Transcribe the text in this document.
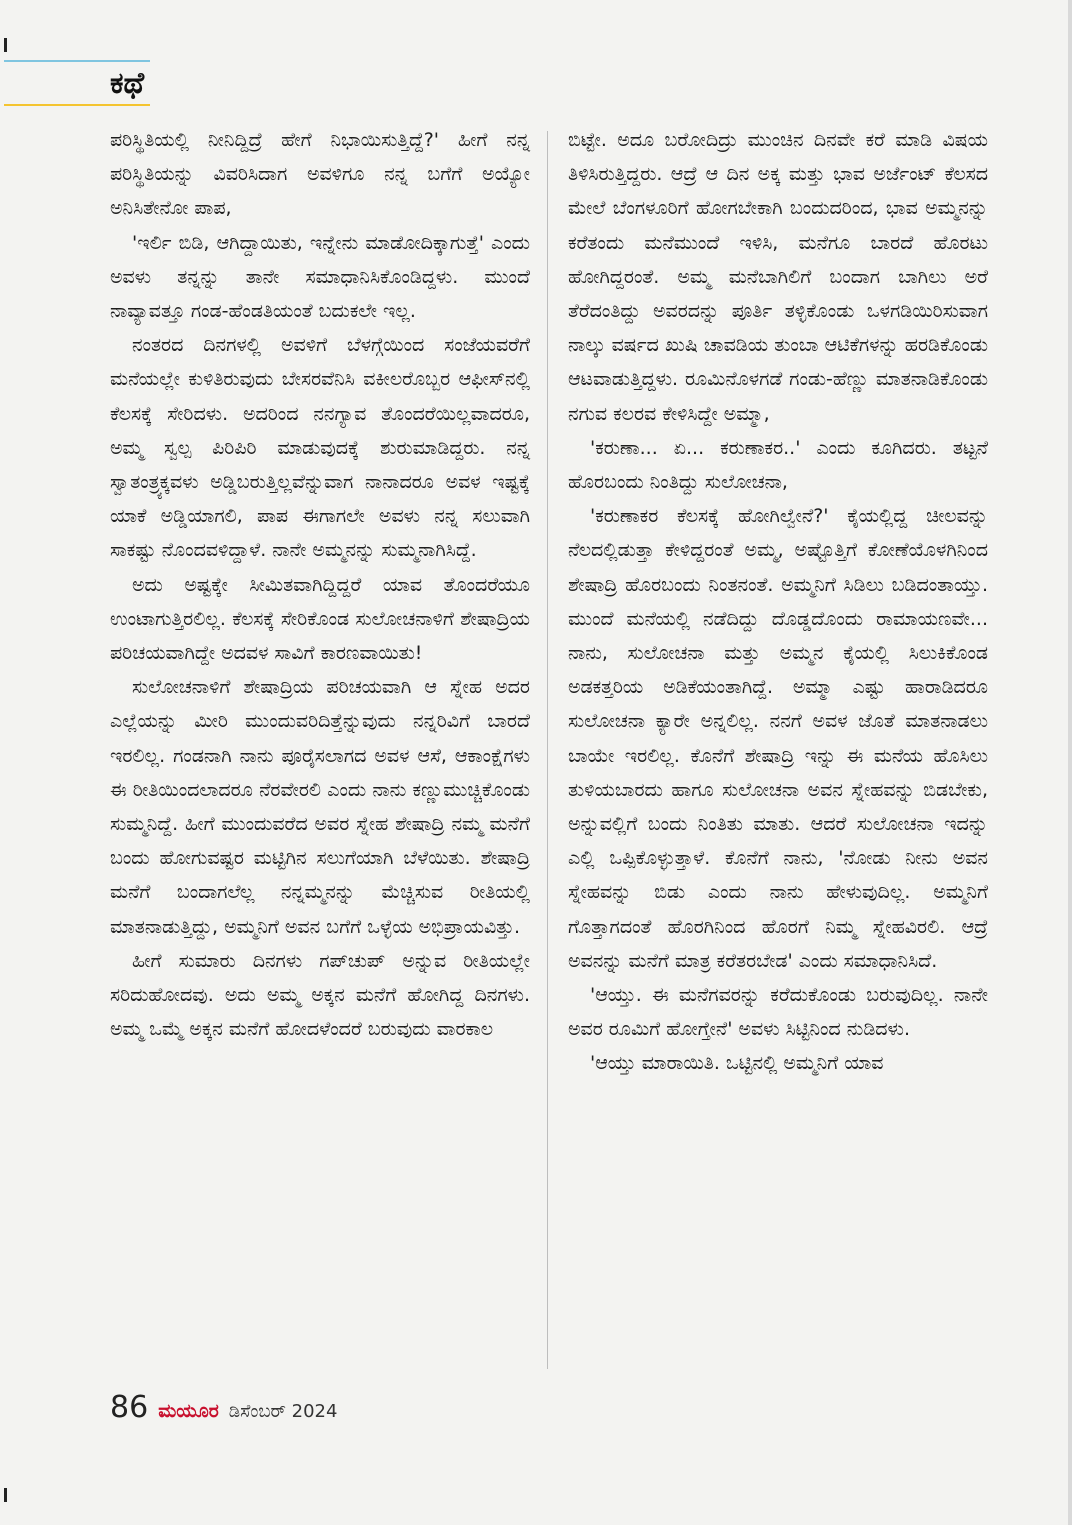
ಕಥೆ

ಪರಿಸ್ಥಿತಿಯಲ್ಲಿ ನೀನಿದ್ದಿದ್ರೆ ಹೇಗೆ ನಿಭಾಯಿಸುತ್ತಿದ್ದೆ?' ಹೀಗೆ ನನ್ನ ಪರಿಸ್ಥಿತಿಯನ್ನು ವಿವರಿಸಿದಾಗ ಅವಳಿಗೂ ನನ್ನ ಬಗೆಗೆ ಅಯ್ಯೋ ಅನಿಸಿತೇನೋ ಪಾಪ,

'ಇರ್ಲಿ ಬಿಡಿ, ಆಗಿದ್ದಾಯಿತು, ಇನ್ನೇನು ಮಾಡೋದಿಕ್ಕಾಗುತ್ತೆ' ಎಂದು ಅವಳು ತನ್ನನ್ನು ತಾನೇ ಸಮಾಧಾನಿಸಿಕೊಂಡಿದ್ದಳು. ಮುಂದೆ ನಾವ್ಯಾವತ್ತೂ ಗಂಡ-ಹೆಂಡತಿಯಂತೆ ಬದುಕಲೇ ಇಲ್ಲ.

ನಂತರದ ದಿನಗಳಲ್ಲಿ ಅವಳಿಗೆ ಬೆಳಗ್ಗೆಯಿಂದ ಸಂಜೆಯವರೆಗೆ ಮನೆಯಲ್ಲೇ ಕುಳಿತಿರುವುದು ಬೇಸರವೆನಿಸಿ ವಕೀಲರೊಬ್ಬರ ಆಫೀಸ್‌ನಲ್ಲಿ ಕೆಲಸಕ್ಕೆ ಸೇರಿದಳು. ಅದರಿಂದ ನನಗ್ಯಾವ ತೊಂದರೆಯಿಲ್ಲವಾದರೂ, ಅಮ್ಮ ಸ್ವಲ್ಪ ಪಿರಿಪಿರಿ ಮಾಡುವುದಕ್ಕೆ ಶುರುಮಾಡಿದ್ದರು. ನನ್ನ ಸ್ವಾತಂತ್ರ್ಯಕ್ಕವಳು ಅಡ್ಡಿಬರುತ್ತಿಲ್ಲವೆನ್ನುವಾಗ ನಾನಾದರೂ ಅವಳ ಇಷ್ಟಕ್ಕೆ ಯಾಕೆ ಅಡ್ಡಿಯಾಗಲಿ, ಪಾಪ ಈಗಾಗಲೇ ಅವಳು ನನ್ನ ಸಲುವಾಗಿ ಸಾಕಷ್ಟು ನೊಂದವಳಿದ್ದಾಳೆ. ನಾನೇ ಅಮ್ಮನನ್ನು ಸುಮ್ಮನಾಗಿಸಿದ್ದೆ.

ಅದು ಅಷ್ಟಕ್ಕೇ ಸೀಮಿತವಾಗಿದ್ದಿದ್ದರೆ ಯಾವ ತೊಂದರೆಯೂ ಉಂಟಾಗುತ್ತಿರಲಿಲ್ಲ. ಕೆಲಸಕ್ಕೆ ಸೇರಿಕೊಂಡ ಸುಲೋಚನಾಳಿಗೆ ಶೇಷಾದ್ರಿಯ ಪರಿಚಯವಾಗಿದ್ದೇ ಅದವಳ ಸಾವಿಗೆ ಕಾರಣವಾಯಿತು!

ಸುಲೋಚನಾಳಿಗೆ ಶೇಷಾದ್ರಿಯ ಪರಿಚಯವಾಗಿ ಆ ಸ್ನೇಹ ಅದರ ಎಲ್ಲೆಯನ್ನು ಮೀರಿ ಮುಂದುವರಿದಿತ್ತೆನ್ನುವುದು ನನ್ನರಿವಿಗೆ ಬಾರದೆ ಇರಲಿಲ್ಲ. ಗಂಡನಾಗಿ ನಾನು ಪೂರೈಸಲಾಗದ ಅವಳ ಆಸೆ, ಆಕಾಂಕ್ಷೆಗಳು ಈ ರೀತಿಯಿಂದಲಾದರೂ ನೆರವೇರಲಿ ಎಂದು ನಾನು ಕಣ್ಣುಮುಚ್ಚಿಕೊಂಡು ಸುಮ್ಮನಿದ್ದೆ. ಹೀಗೆ ಮುಂದುವರೆದ ಅವರ ಸ್ನೇಹ ಶೇಷಾದ್ರಿ ನಮ್ಮ ಮನೆಗೆ ಬಂದು ಹೋಗುವಷ್ಟರ ಮಟ್ಟಿಗಿನ ಸಲುಗೆಯಾಗಿ ಬೆಳೆಯಿತು. ಶೇಷಾದ್ರಿ ಮನೆಗೆ ಬಂದಾಗಲೆಲ್ಲ ನನ್ನಮ್ಮನನ್ನು ಮೆಚ್ಚಿಸುವ ರೀತಿಯಲ್ಲಿ ಮಾತನಾಡುತ್ತಿದ್ದು, ಅಮ್ಮನಿಗೆ ಅವನ ಬಗೆಗೆ ಒಳ್ಳೆಯ ಅಭಿಪ್ರಾಯವಿತ್ತು.

ಹೀಗೆ ಸುಮಾರು ದಿನಗಳು ಗಪ್‌ಚುಪ್ ಅನ್ನುವ ರೀತಿಯಲ್ಲೇ ಸರಿದುಹೋದವು. ಅದು ಅಮ್ಮ ಅಕ್ಕನ ಮನೆಗೆ ಹೋಗಿದ್ದ ದಿನಗಳು. ಅಮ್ಮ ಒಮ್ಮೆ ಅಕ್ಕನ ಮನೆಗೆ ಹೋದಳೆಂದರೆ ಬರುವುದು ವಾರಕಾಲ

ಬಿಟ್ಟೇ. ಅದೂ ಬರೋದಿದ್ರು ಮುಂಚಿನ ದಿನವೇ ಕರೆ ಮಾಡಿ ವಿಷಯ ತಿಳಿಸಿರುತ್ತಿದ್ದರು. ಆದ್ರೆ ಆ ದಿನ ಅಕ್ಕ ಮತ್ತು ಭಾವ ಅರ್ಜೆಂಟ್ ಕೆಲಸದ ಮೇಲೆ ಬೆಂಗಳೂರಿಗೆ ಹೋಗಬೇಕಾಗಿ ಬಂದುದರಿಂದ, ಭಾವ ಅಮ್ಮನನ್ನು ಕರೆತಂದು ಮನೆಮುಂದೆ ಇಳಿಸಿ, ಮನೆಗೂ ಬಾರದೆ ಹೊರಟು ಹೋಗಿದ್ದರಂತೆ. ಅಮ್ಮ ಮನೆಬಾಗಿಲಿಗೆ ಬಂದಾಗ ಬಾಗಿಲು ಅರೆ ತೆರೆದಂತಿದ್ದು ಅವರದನ್ನು ಪೂರ್ತಿ ತಳ್ಳಿಕೊಂಡು ಒಳಗಡಿಯಿರಿಸುವಾಗ ನಾಲ್ಕು ವರ್ಷದ ಖುಷಿ ಚಾವಡಿಯ ತುಂಬಾ ಆಟಿಕೆಗಳನ್ನು ಹರಡಿಕೊಂಡು ಆಟವಾಡುತ್ತಿದ್ದಳು. ರೂಮಿನೊಳಗಡೆ ಗಂಡು-ಹೆಣ್ಣು ಮಾತನಾಡಿಕೊಂಡು ನಗುವ ಕಲರವ ಕೇಳಿಸಿದ್ದೇ ಅಮ್ಮಾ,

'ಕರುಣಾ... ಏ... ಕರುಣಾಕರ..' ಎಂದು ಕೂಗಿದರು. ತಟ್ಟನೆ ಹೊರಬಂದು ನಿಂತಿದ್ದು ಸುಲೋಚನಾ,

'ಕರುಣಾಕರ ಕೆಲಸಕ್ಕೆ ಹೋಗಿಲ್ವೇನೆ?' ಕೈಯಲ್ಲಿದ್ದ ಚೀಲವನ್ನು ನೆಲದಲ್ಲಿಡುತ್ತಾ ಕೇಳಿದ್ದರಂತೆ ಅಮ್ಮ, ಅಷ್ಟೊತ್ತಿಗೆ ಕೋಣೆಯೊಳಗಿನಿಂದ ಶೇಷಾದ್ರಿ ಹೊರಬಂದು ನಿಂತನಂತೆ. ಅಮ್ಮನಿಗೆ ಸಿಡಿಲು ಬಡಿದಂತಾಯ್ತು. ಮುಂದೆ ಮನೆಯಲ್ಲಿ ನಡೆದಿದ್ದು ದೊಡ್ಡದೊಂದು ರಾಮಾಯಣವೇ... ನಾನು, ಸುಲೋಚನಾ ಮತ್ತು ಅಮ್ಮನ ಕೈಯಲ್ಲಿ ಸಿಲುಕಿಕೊಂಡ ಅಡಕತ್ತರಿಯ ಅಡಿಕೆಯಂತಾಗಿದ್ದೆ. ಅಮ್ಮಾ ಎಷ್ಟು ಹಾರಾಡಿದರೂ ಸುಲೋಚನಾ ಕ್ಯಾರೇ ಅನ್ನಲಿಲ್ಲ. ನನಗೆ ಅವಳ ಜೊತೆ ಮಾತನಾಡಲು ಬಾಯೇ ಇರಲಿಲ್ಲ. ಕೊನೆಗೆ ಶೇಷಾದ್ರಿ ಇನ್ನು ಈ ಮನೆಯ ಹೊಸಿಲು ತುಳಿಯಬಾರದು ಹಾಗೂ ಸುಲೋಚನಾ ಅವನ ಸ್ನೇಹವನ್ನು ಬಿಡಬೇಕು, ಅನ್ನುವಲ್ಲಿಗೆ ಬಂದು ನಿಂತಿತು ಮಾತು. ಆದರೆ ಸುಲೋಚನಾ ಇದನ್ನು ಎಲ್ಲಿ ಒಪ್ಪಿಕೊಳ್ಳುತ್ತಾಳೆ. ಕೊನೆಗೆ ನಾನು, 'ನೋಡು ನೀನು ಅವನ ಸ್ನೇಹವನ್ನು ಬಿಡು ಎಂದು ನಾನು ಹೇಳುವುದಿಲ್ಲ. ಅಮ್ಮನಿಗೆ ಗೊತ್ತಾಗದಂತೆ ಹೊರಗಿನಿಂದ ಹೊರಗೆ ನಿಮ್ಮ ಸ್ನೇಹವಿರಲಿ. ಆದ್ರೆ ಅವನನ್ನು ಮನೆಗೆ ಮಾತ್ರ ಕರೆತರಬೇಡ' ಎಂದು ಸಮಾಧಾನಿಸಿದೆ.

'ಆಯ್ತು. ಈ ಮನೆಗವರನ್ನು ಕರೆದುಕೊಂಡು ಬರುವುದಿಲ್ಲ. ನಾನೇ ಅವರ ರೂಮಿಗೆ ಹೋಗ್ತೇನೆ' ಅವಳು ಸಿಟ್ಟಿನಿಂದ ನುಡಿದಳು.

'ಆಯ್ತು ಮಾರಾಯಿತಿ. ಒಟ್ಟಿನಲ್ಲಿ ಅಮ್ಮನಿಗೆ ಯಾವ

86 ಮಯೂರ ಡಿಸೆಂಬರ್ 2024
